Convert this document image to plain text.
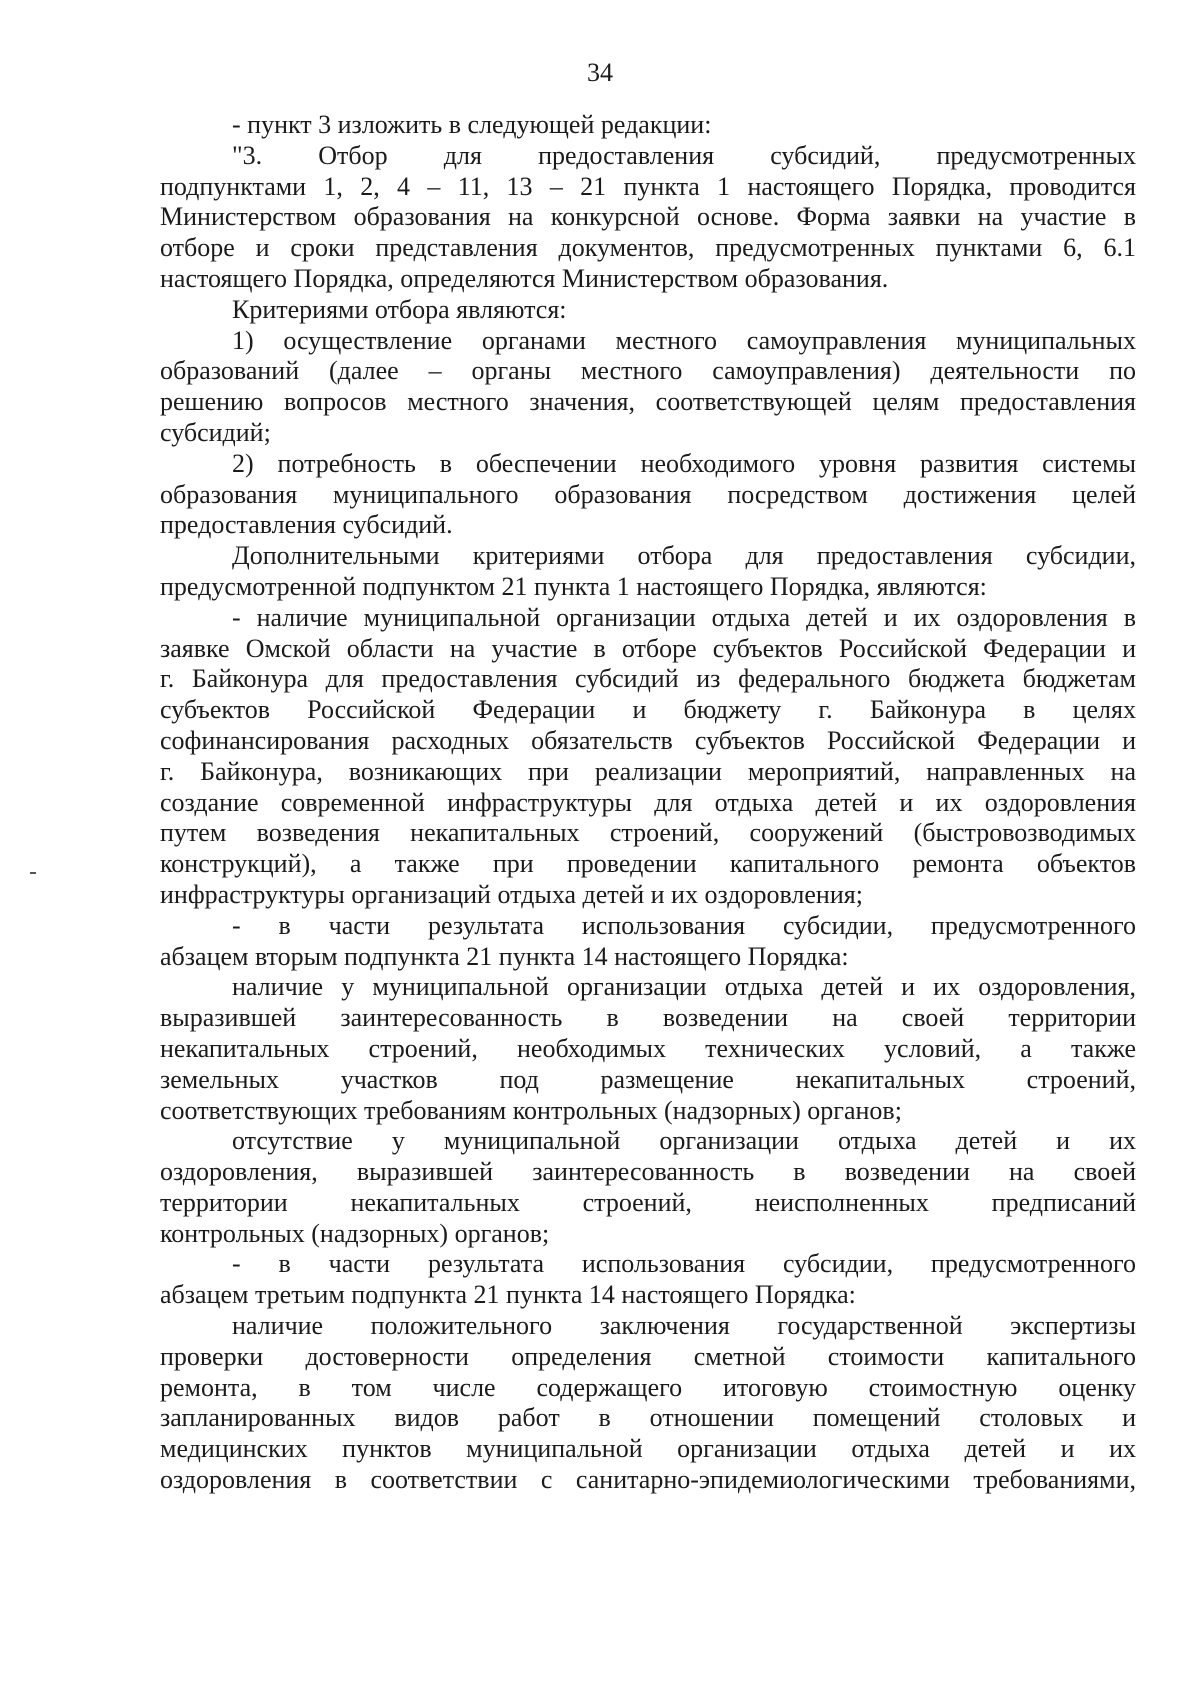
34
- пункт 3 изложить в следующей редакции:
"3. Отбор для предоставления субсидий, предусмотренных
подпунктами 1, 2, 4 – 11, 13 – 21 пункта 1 настоящего Порядка, проводится
Министерством образования на конкурсной основе. Форма заявки на участие в
отборе и сроки представления документов, предусмотренных пунктами 6, 6.1
настоящего Порядка, определяются Министерством образования.
Критериями отбора являются:
1) осуществление органами местного самоуправления муниципальных
образований (далее – органы местного самоуправления) деятельности по
решению вопросов местного значения, соответствующей целям предоставления
субсидий;
2) потребность в обеспечении необходимого уровня развития системы
образования муниципального образования посредством достижения целей
предоставления субсидий.
Дополнительными критериями отбора для предоставления субсидии,
предусмотренной подпунктом 21 пункта 1 настоящего Порядка, являются:
- наличие муниципальной организации отдыха детей и их оздоровления в
заявке Омской области на участие в отборе субъектов Российской Федерации и
г. Байконура для предоставления субсидий из федерального бюджета бюджетам
субъектов Российской Федерации и бюджету г. Байконура в целях
софинансирования расходных обязательств субъектов Российской Федерации и
г. Байконура, возникающих при реализации мероприятий, направленных на
создание современной инфраструктуры для отдыха детей и их оздоровления
путем возведения некапитальных строений, сооружений (быстровозводимых
конструкций), а также при проведении капитального ремонта объектов
инфраструктуры организаций отдыха детей и их оздоровления;
- в части результата использования субсидии, предусмотренного
абзацем вторым подпункта 21 пункта 14 настоящего Порядка:
наличие у муниципальной организации отдыха детей и их оздоровления,
выразившей заинтересованность в возведении на своей территории
некапитальных строений, необходимых технических условий, а также
земельных участков под размещение некапитальных строений,
соответствующих требованиям контрольных (надзорных) органов;
отсутствие у муниципальной организации отдыха детей и их
оздоровления, выразившей заинтересованность в возведении на своей
территории некапитальных строений, неисполненных предписаний
контрольных (надзорных) органов;
- в части результата использования субсидии, предусмотренного
абзацем третьим подпункта 21 пункта 14 настоящего Порядка:
наличие положительного заключения государственной экспертизы
проверки достоверности определения сметной стоимости капитального
ремонта, в том числе содержащего итоговую стоимостную оценку
запланированных видов работ в отношении помещений столовых и
медицинских пунктов муниципальной организации отдыха детей и их
оздоровления в соответствии с санитарно-эпидемиологическими требованиями,
